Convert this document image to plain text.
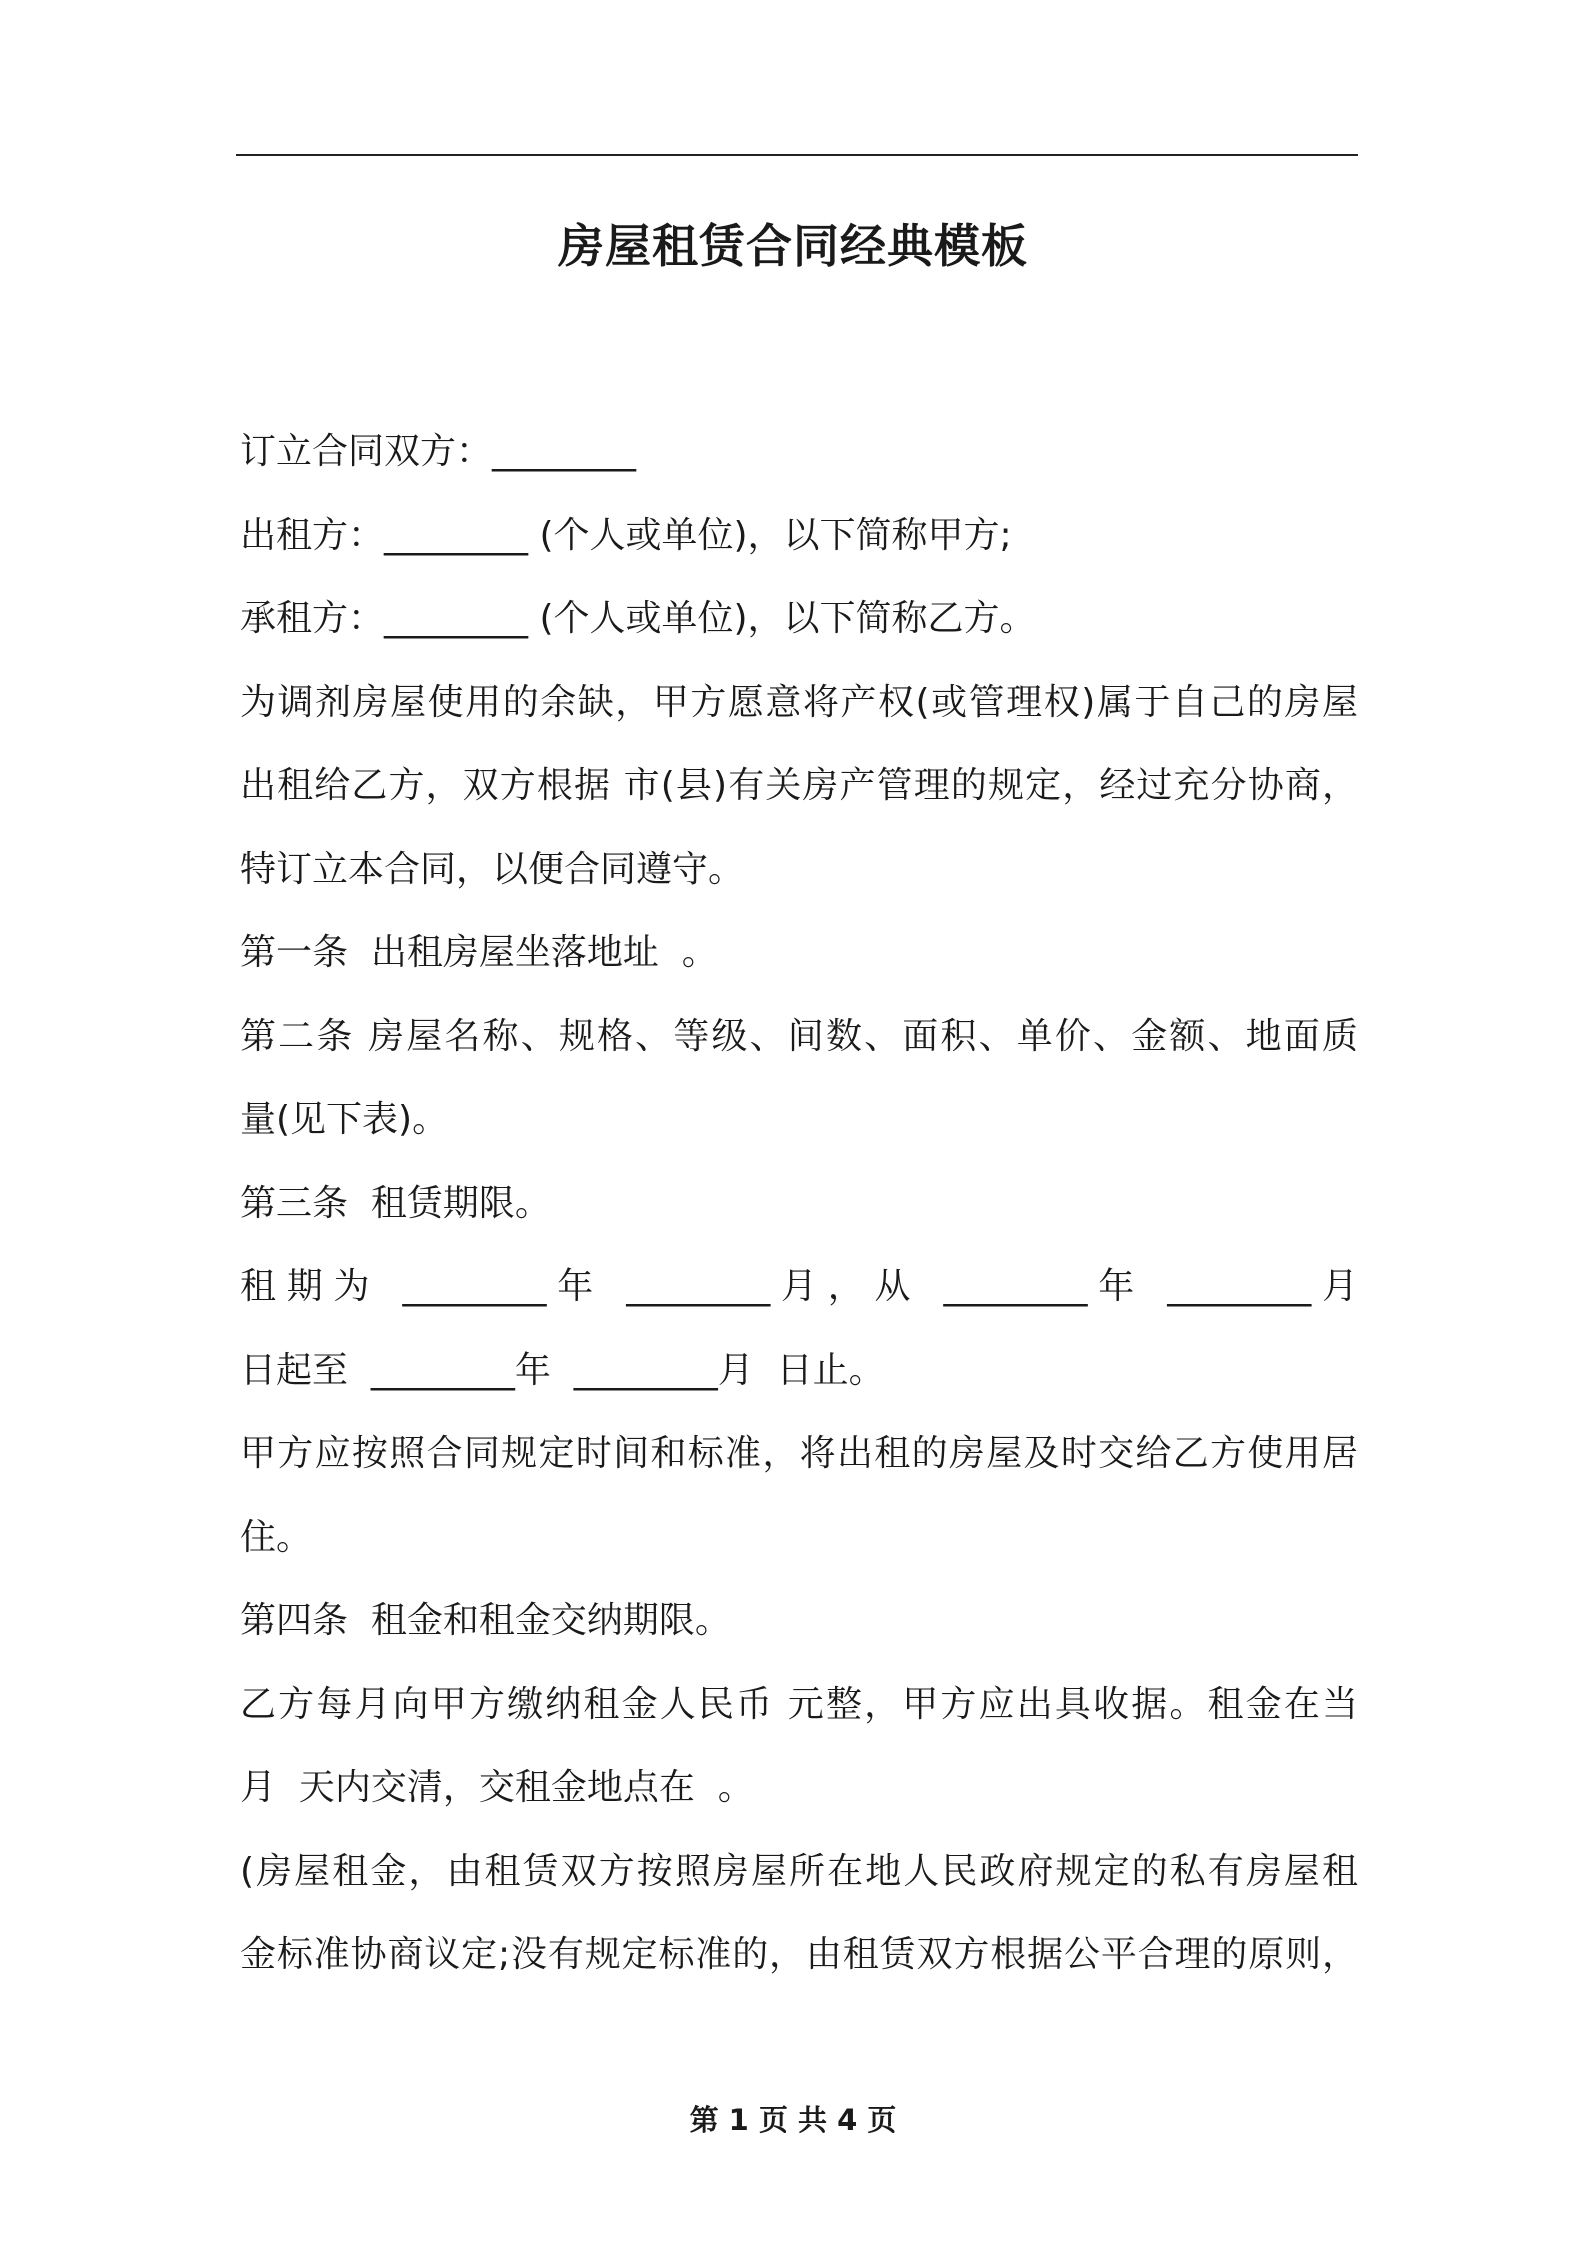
房屋租赁合同经典模板
订立合同双方：________
出租方：________ (个人或单位)，以下简称甲方;
承租方：________ (个人或单位)，以下简称乙方。
为调剂房屋使用的余缺，甲方愿意将产权(或管理权)属于自己的房屋
出租给乙方，双方根据 市(县)有关房产管理的规定，经过充分协商，
特订立本合同，以便合同遵守。
第一条  出租房屋坐落地址  。
第二条 房屋名称、规格、等级、间数、面积、单价、金额、地面质
量(见下表)。
第三条  租赁期限。
租期为 ________年 ________月，从 ________年 ________月
日起至  ________年  ________月  日止。
甲方应按照合同规定时间和标准，将出租的房屋及时交给乙方使用居
住。
第四条  租金和租金交纳期限。
乙方每月向甲方缴纳租金人民币 元整，甲方应出具收据。租金在当
月  天内交清，交租金地点在  。
(房屋租金，由租赁双方按照房屋所在地人民政府规定的私有房屋租
金标准协商议定;没有规定标准的，由租赁双方根据公平合理的原则，
第 1 页 共 4 页
